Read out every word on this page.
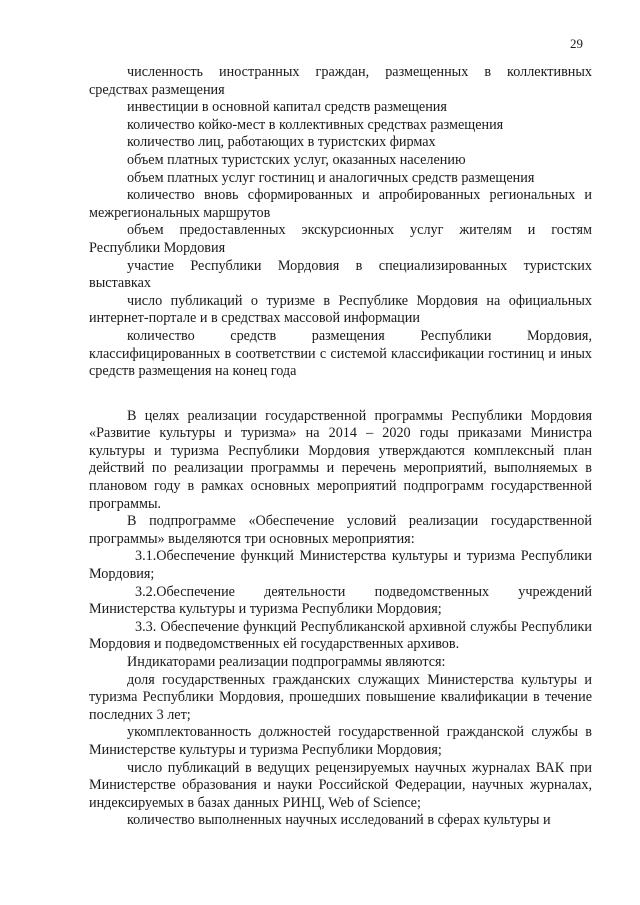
29

численность иностранных граждан, размещенных в коллективных средствах размещения

инвестиции в основной капитал средств размещения

количество койко-мест в коллективных средствах размещения

количество лиц, работающих в туристских фирмах

объем платных туристских услуг, оказанных населению

объем платных услуг гостиниц и аналогичных средств размещения

количество вновь сформированных и апробированных региональных и межрегиональных маршрутов

объем предоставленных экскурсионных услуг жителям и гостям Республики Мордовия

участие Республики Мордовия в специализированных туристских выставках

число публикаций о туризме в Республике Мордовия на официальных интернет-портале и в средствах массовой информации

количество средств размещения Республики Мордовия, классифицированных в соответствии с системой классификации гостиниц и иных средств размещения на конец года

В целях реализации государственной программы Республики Мордовия «Развитие культуры и туризма» на 2014 – 2020 годы приказами Министра культуры и туризма Республики Мордовия утверждаются комплексный план действий по реализации программы и перечень мероприятий, выполняемых в плановом году в рамках основных мероприятий подпрограмм государственной программы.

В подпрограмме «Обеспечение условий реализации государственной программы» выделяются три основных мероприятия:

3.1.Обеспечение функций Министерства культуры и туризма Республики Мордовия;

3.2.Обеспечение деятельности подведомственных учреждений Министерства культуры и туризма Республики Мордовия;

3.3. Обеспечение функций Республиканской архивной службы Республики Мордовия и подведомственных ей государственных архивов.

Индикаторами реализации подпрограммы являются:

доля государственных гражданских служащих Министерства культуры и туризма Республики Мордовия, прошедших повышение квалификации в течение последних 3 лет;

укомплектованность должностей государственной гражданской службы в Министерстве культуры и туризма Республики Мордовия;

число публикаций в ведущих рецензируемых научных журналах ВАК при Министерстве образования и науки Российской Федерации, научных журналах, индексируемых в базах данных РИНЦ, Web of Science;

количество выполненных научных исследований в сферах культуры и
